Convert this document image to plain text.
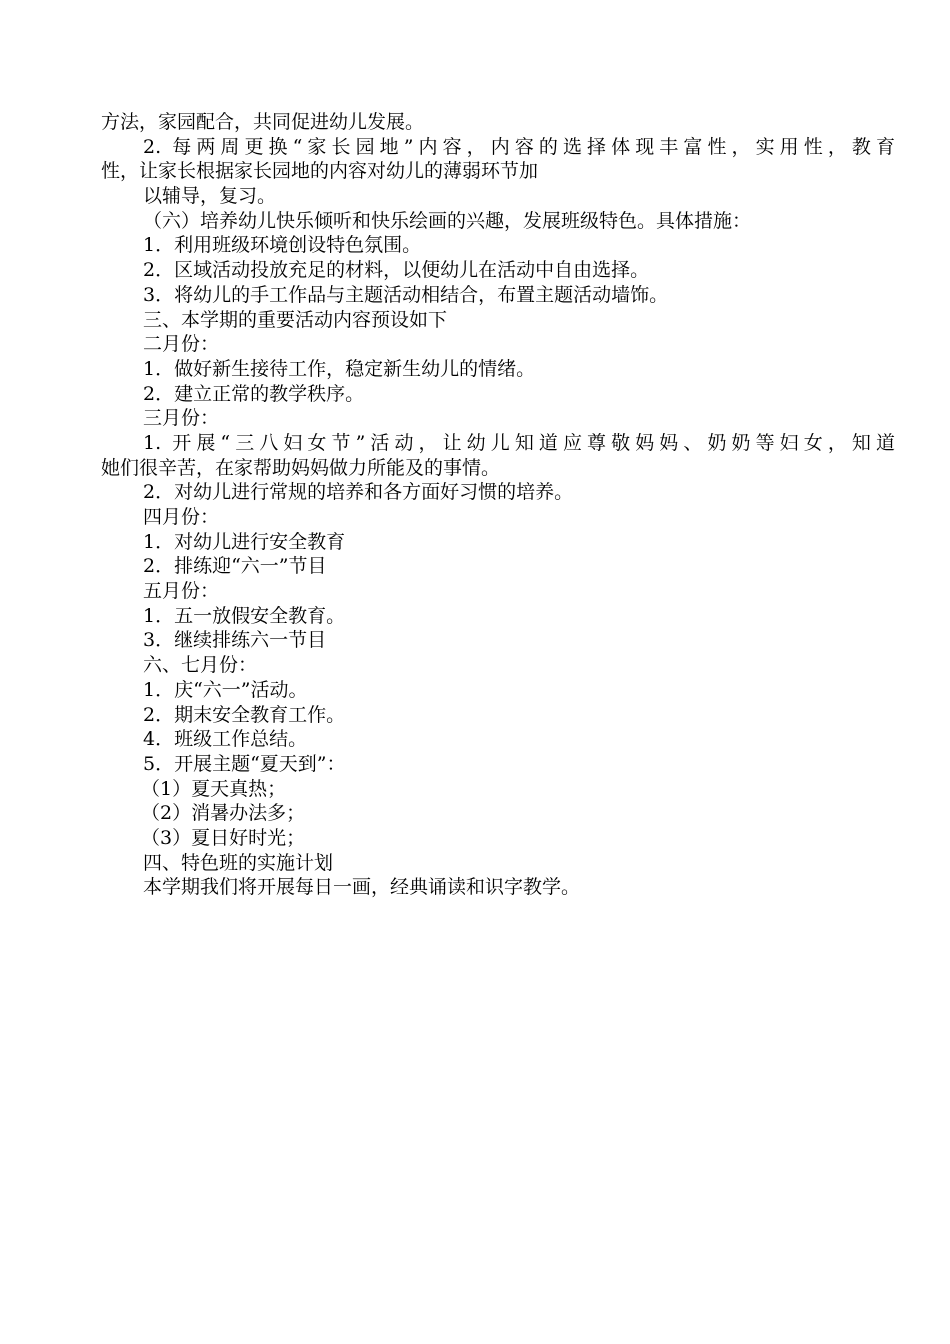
方法，家园配合，共同促进幼儿发展。

2. 每两周更换“家长园地”内容，内容的选择体现丰富性，实用性，教育

性，让家长根据家长园地的内容对幼儿的薄弱环节加

以辅导，复习。

（六）培养幼儿快乐倾听和快乐绘画的兴趣，发展班级特色。具体措施：

1．利用班级环境创设特色氛围。

2．区域活动投放充足的材料，以便幼儿在活动中自由选择。

3．将幼儿的手工作品与主题活动相结合，布置主题活动墙饰。

三、本学期的重要活动内容预设如下

二月份：

1．做好新生接待工作，稳定新生幼儿的情绪。

2．建立正常的教学秩序。

三月份：

1. 开展“三八妇女节”活动，让幼儿知道应尊敬妈妈、奶奶等妇女，知道

她们很辛苦，在家帮助妈妈做力所能及的事情。

2．对幼儿进行常规的培养和各方面好习惯的培养。

四月份：

1．对幼儿进行安全教育

2．排练迎“六一”节目

五月份：

1．五一放假安全教育。

3．继续排练六一节目

六、七月份：

1．庆“六一”活动。

2．期末安全教育工作。

4．班级工作总结。

5．开展主题“夏天到”：

（1）夏天真热；

（2）消暑办法多；

（3）夏日好时光；

四、特色班的实施计划

本学期我们将开展每日一画，经典诵读和识字教学。
